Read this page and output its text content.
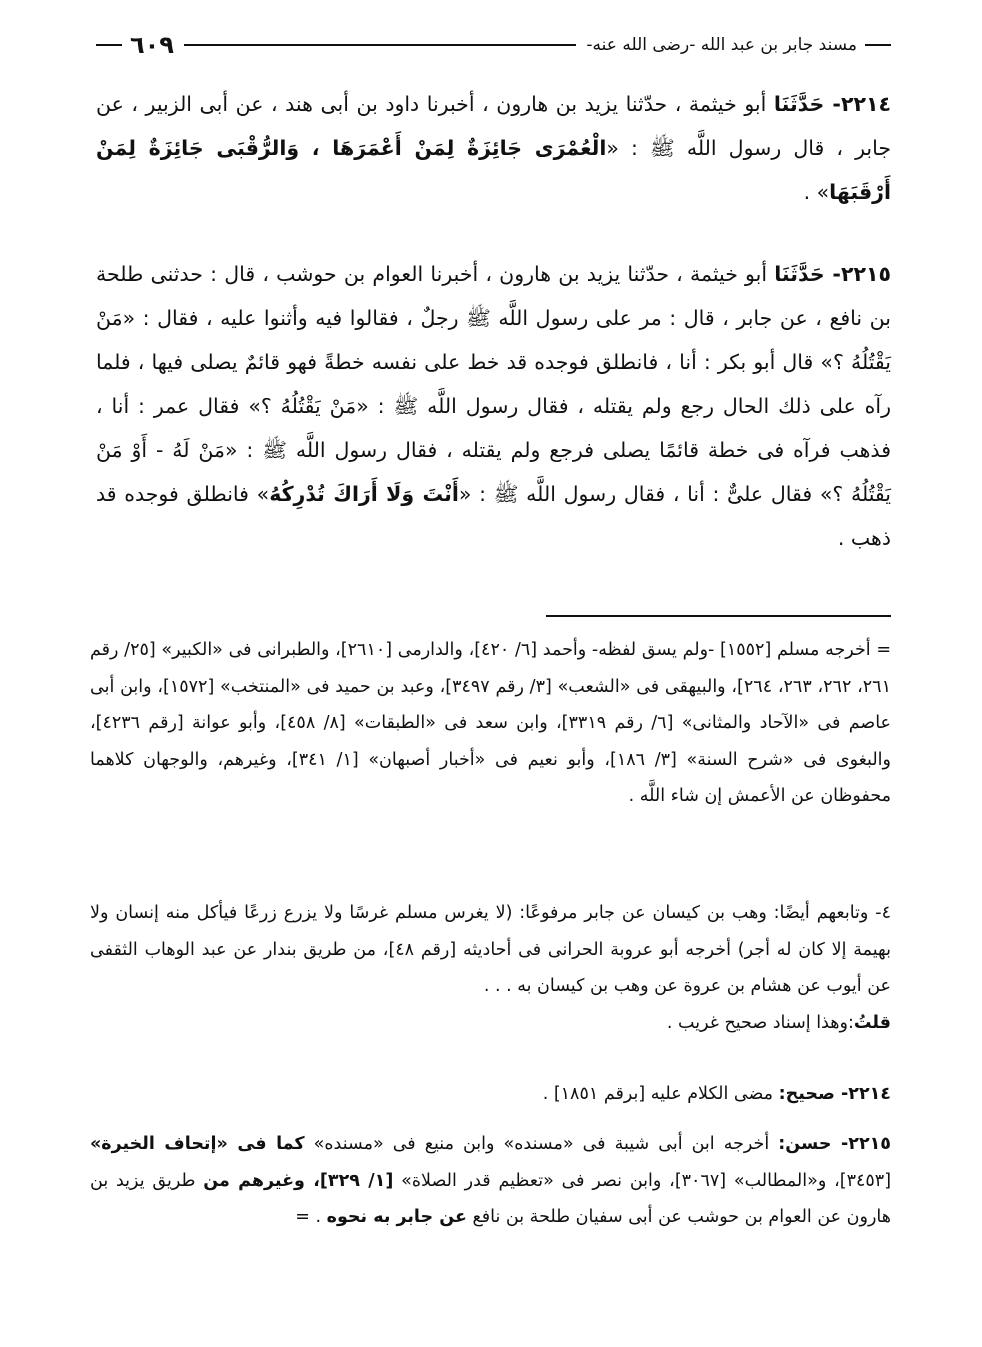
مسند جابر بن عبد الله -رضى الله عنه-
٦٠٩
٢٢١٤- حَدَّثَنَا أبو خيثمة ، حدّثنا يزيد بن هارون ، أخبرنا داود بن أبى هند ، عن أبى الزبير ، عن جابر ، قال رسول اللَّه ﷺ : «الْعُمْرَى جَائِزَةٌ لِمَنْ أَعْمَرَهَا ، وَالرُّقْبَى جَائِزَةٌ لِمَنْ أَرْقَبَهَا» .
٢٢١٥- حَدَّثَنَا أبو خيثمة ، حدّثنا يزيد بن هارون ، أخبرنا العوام بن حوشب ، قال : حدثنى طلحة بن نافع ، عن جابر ، قال : مر على رسول اللَّه ﷺ رجلٌ ، فقالوا فيه وأثنوا عليه ، فقال : «مَنْ يَقْتُلُهُ ؟» قال أبو بكر : أنا ، فانطلق فوجده قد خط على نفسه خطةً فهو قائمٌ يصلى فيها ، فلما رآه على ذلك الحال رجع ولم يقتله ، فقال رسول اللَّه ﷺ : «مَنْ يَقْتُلُهُ ؟» فقال عمر : أنا ، فذهب فرآه فى خطة قائمًا يصلى فرجع ولم يقتله ، فقال رسول اللَّه ﷺ : «مَنْ لَهُ - أَوْ مَنْ يَقْتُلُهُ ؟» فقال علىٌّ : أنا ، فقال رسول اللَّه ﷺ : «أَنْتَ وَلَا أَرَاكَ تُدْرِكُهُ» فانطلق فوجده قد ذهب .

= أخرجه مسلم [١٥٥٢] -ولم يسق لفظه- وأحمد [٦/ ٤٢٠]، والدارمى [٢٦١٠]، والطبرانى فى «الكبير» [٢٥/ رقم ٢٦١، ٢٦٢، ٢٦٣، ٢٦٤]، والبيهقى فى «الشعب» [٣/ رقم ٣٤٩٧]، وعبد بن حميد فى «المنتخب» [١٥٧٢]، وابن أبى عاصم فى «الآحاد والمثانى» [٦/ رقم ٣٣١٩]، وابن سعد فى «الطبقات» [٨/ ٤٥٨]، وأبو عوانة [رقم ٤٢٣٦]، والبغوى فى «شرح السنة» [٣/ ١٨٦]، وأبو نعيم فى «أخبار أصبهان» [١/ ٣٤١]، وغيرهم، والوجهان كلاهما محفوظان عن الأعمش إن شاء اللَّه .

٤- وتابعهم أيضًا: وهب بن كيسان عن جابر مرفوعًا: (لا يغرس مسلم غرسًا ولا يزرع زرعًا فيأكل منه إنسان ولا بهيمة إلا كان له أجر) أخرجه أبو عروبة الحرانى فى أحاديثه [رقم ٤٨]، من طريق بندار عن عبد الوهاب الثقفى عن أيوب عن هشام بن عروة عن وهب بن كيسان به . . .

قلتُ:وهذا إسناد صحيح غريب .

٢٢١٤- صحيح: مضى الكلام عليه [برقم ١٨٥١] .

٢٢١٥- حسن: أخرجه ابن أبى شيبة فى «مسنده» وابن منيع فى «مسنده» كما فى «إتحاف الخيرة» [٣٤٥٣]، و«المطالب» [٣٠٦٧]، وابن نصر فى «تعظيم قدر الصلاة» [١/ ٣٢٩]، وغيرهم من طريق يزيد بن هارون عن العوام بن حوشب عن أبى سفيان طلحة بن نافع عن جابر به نحوه . =
